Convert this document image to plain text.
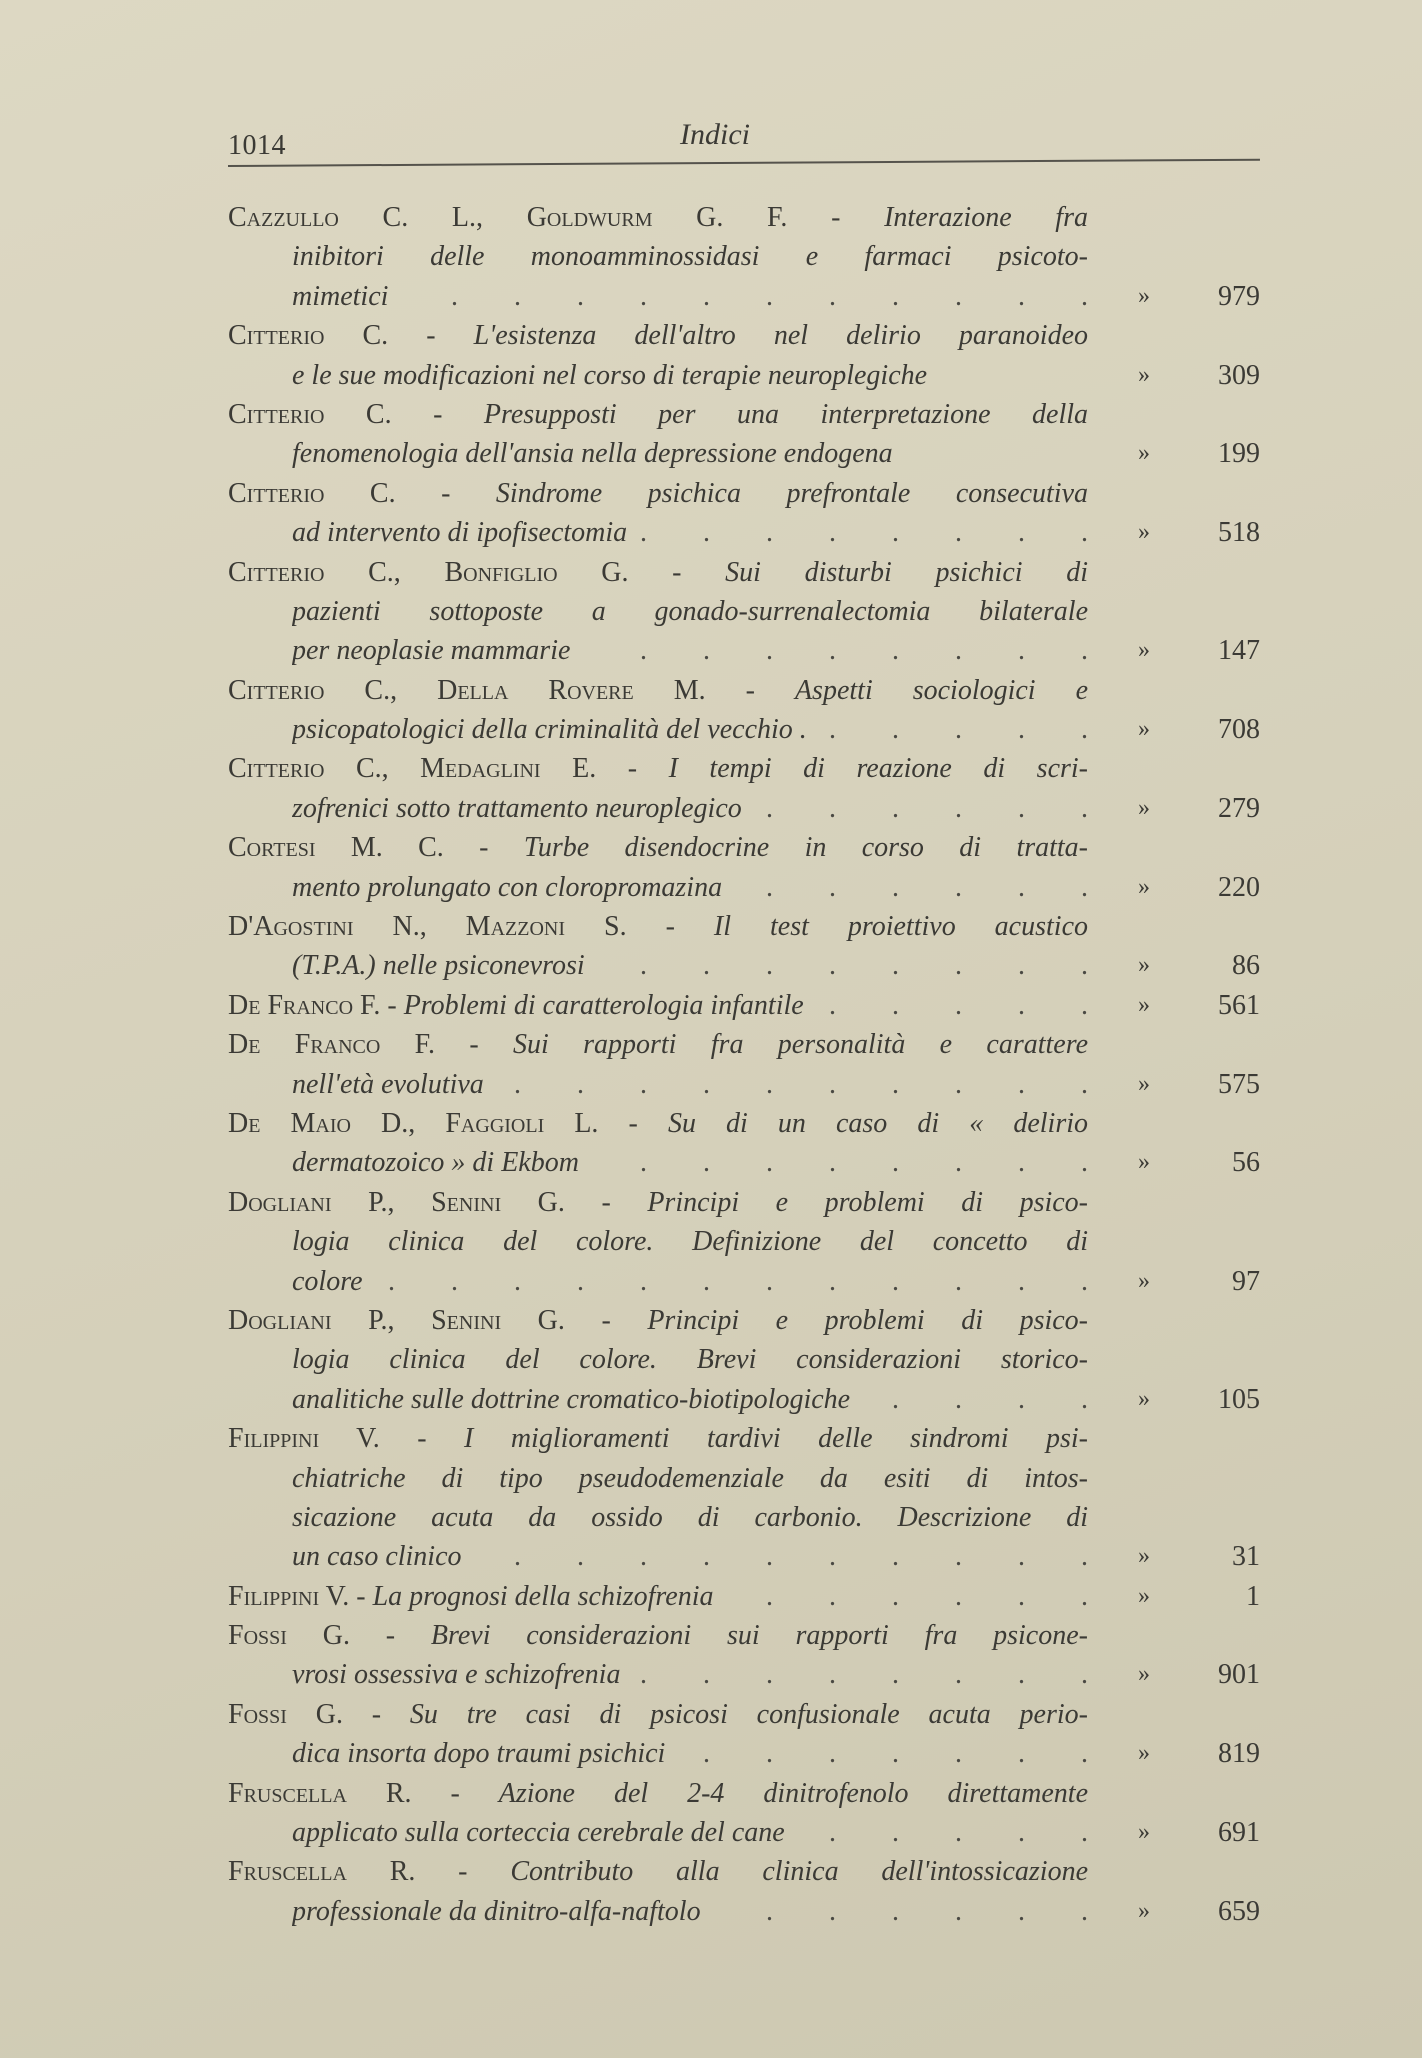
1014	Indici
Cazzullo C. L., Goldwurm G. F. - Interazione fra
inibitori delle monoamminossidasi e farmaci psicoto-
mimetici .	»	979
Citterio C. - L'esistenza dell'altro nel delirio paranoideo
e le sue modificazioni nel corso di terapie neuroplegiche	»	309
Citterio C. - Presupposti per una interpretazione della
fenomenologia dell'ansia nella depressione endogena	»	199
Citterio C. - Sindrome psichica prefrontale consecutiva
ad intervento di ipofisectomia .	»	518
Citterio C., Bonfiglio G. - Sui disturbi psichici di
pazienti sottoposte a gonado-surrenalectomia bilaterale
per neoplasie mammarie .	»	147
Citterio C., Della Rovere M. - Aspetti sociologici e
psicopatologici della criminalità del vecchio . .	»	708
Citterio C., Medaglini E. - I tempi di reazione di scri-
zofrenici sotto trattamento neuroplegico .	»	279
Cortesi M. C. - Turbe disendocrine in corso di tratta-
mento prolungato con cloropromazina .	»	220
D'Agostini N., Mazzoni S. - Il test proiettivo acustico
(T.P.A.) nelle psiconevrosi .	»	86
De Franco F. - Problemi di caratterologia infantile .	»	561
De Franco F. - Sui rapporti fra personalità e carattere
nell'età evolutiva .	»	575
De Maio D., Faggioli L. - Su di un caso di « delirio
dermatozoico » di Ekbom .	»	56
Dogliani P., Senini G. - Principi e problemi di psico-
logia clinica del colore. Definizione del concetto di
colore .	»	97
Dogliani P., Senini G. - Principi e problemi di psico-
logia clinica del colore. Brevi considerazioni storico-
analitiche sulle dottrine cromatico-biotipologiche .	»	105
Filippini V. - I miglioramenti tardivi delle sindromi psi-
chiatriche di tipo pseudodemenziale da esiti di intos-
sicazione acuta da ossido di carbonio. Descrizione di
un caso clinico .	»	31
Filippini V. - La prognosi della schizofrenia .	»	1
Fossi G. - Brevi considerazioni sui rapporti fra psicone-
vrosi ossessiva e schizofrenia .	»	901
Fossi G. - Su tre casi di psicosi confusionale acuta perio-
dica insorta dopo traumi psichici .	»	819
Fruscella R. - Azione del 2-4 dinitrofenolo direttamente
applicato sulla corteccia cerebrale del cane .	»	691
Fruscella R. - Contributo alla clinica dell'intossicazione
professionale da dinitro-alfa-naftolo .	»	659
